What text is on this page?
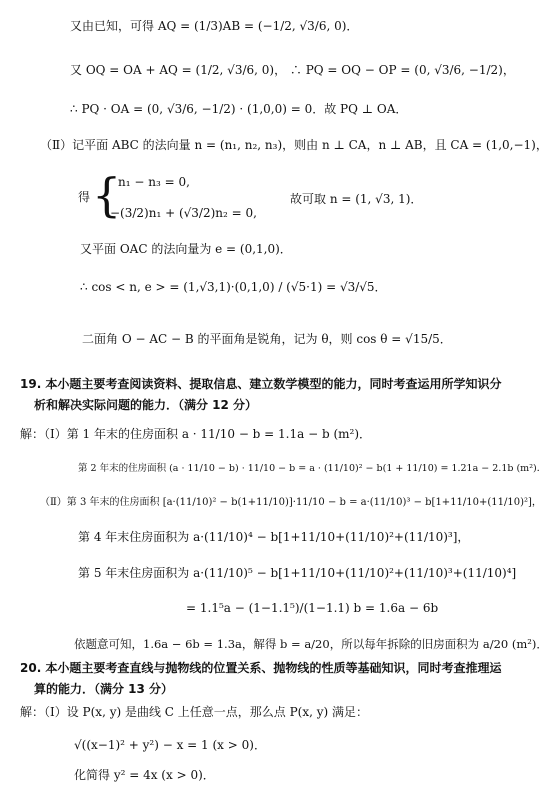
又由已知，可得 AQ = (1/3)AB = (−1/2, √3/6, 0)．
又 OQ = OA + AQ = (1/2, √3/6, 0)， ∴ PQ = OQ − OP = (0, √3/6, −1/2)，
∴ PQ · OA = (0, √3/6, −1/2) · (1,0,0) = 0．故 PQ ⊥ OA．
（Ⅱ）记平面 ABC 的法向量 n = (n₁, n₂, n₃)，则由 n ⊥ CA，n ⊥ AB，且 CA = (1,0,−1)，
{
n₁ − n₃ = 0,
得
−(3/2)n₁ + (√3/2)n₂ = 0,
故可取 n = (1, √3, 1)．
又平面 OAC 的法向量为 e = (0,1,0)．
∴ cos < n, e > = (1,√3,1)·(0,1,0) / (√5·1) = √3/√5．
二面角 O − AC − B 的平面角是锐角，记为 θ，则 cos θ = √15/5．
19. 本小题主要考查阅读资料、提取信息、建立数学模型的能力，同时考查运用所学知识分
析和解决实际问题的能力．（满分 12 分）
解：（Ⅰ）第 1 年末的住房面积 a · 11/10 − b = 1.1a − b (m²)．
第 2 年末的住房面积 (a · 11/10 − b) · 11/10 − b = a · (11/10)² − b(1 + 11/10) = 1.21a − 2.1b (m²)．
（Ⅱ）第 3 年末的住房面积 [a·(11/10)² − b(1+11/10)]·11/10 − b = a·(11/10)³ − b[1+11/10+(11/10)²]，
第 4 年末住房面积为 a·(11/10)⁴ − b[1+11/10+(11/10)²+(11/10)³]，
第 5 年末住房面积为 a·(11/10)⁵ − b[1+11/10+(11/10)²+(11/10)³+(11/10)⁴]
= 1.1⁵a − (1−1.1⁵)/(1−1.1) b = 1.6a − 6b
依题意可知，1.6a − 6b = 1.3a，解得 b = a/20，所以每年拆除的旧房面积为 a/20 (m²)．
20. 本小题主要考查直线与抛物线的位置关系、抛物线的性质等基础知识，同时考查推理运
算的能力．（满分 13 分）
解：（Ⅰ）设 P(x, y) 是曲线 C 上任意一点，那么点 P(x, y) 满足：
√((x−1)² + y²) − x = 1 (x > 0)．
化简得 y² = 4x (x > 0)．
